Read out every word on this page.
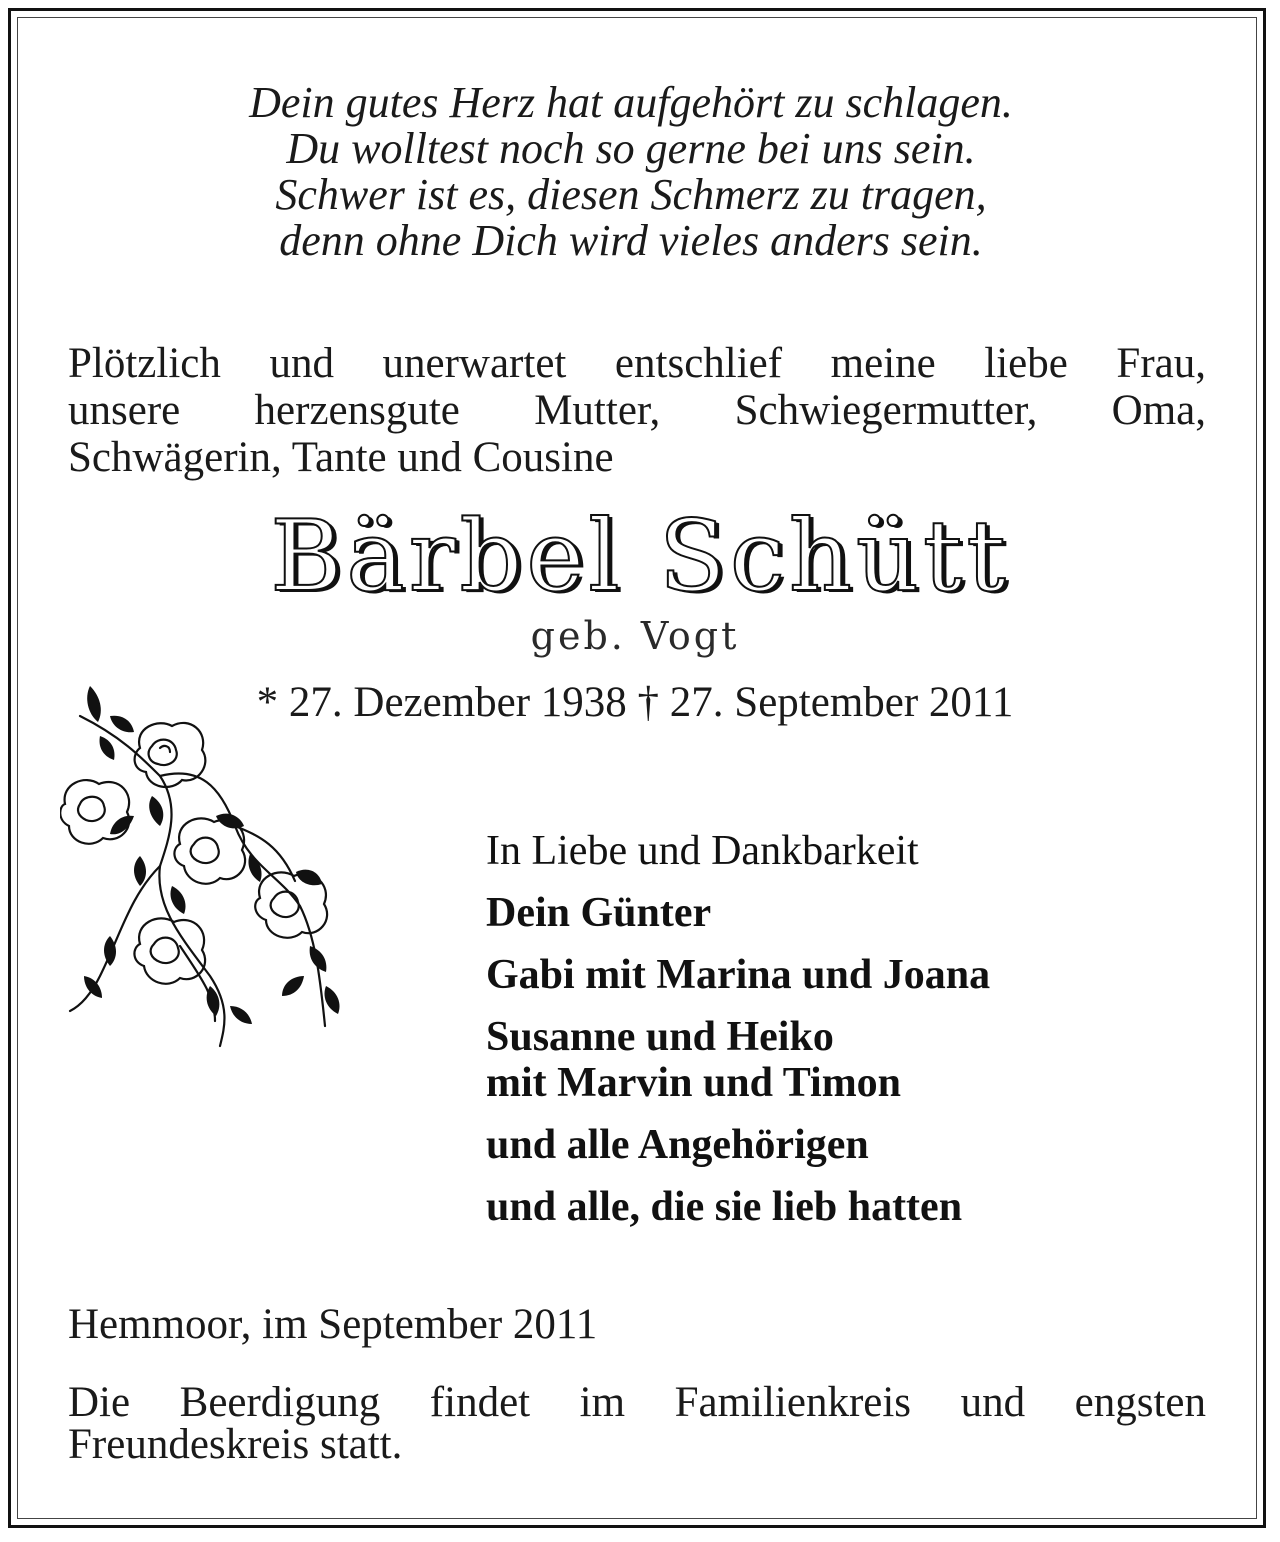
Dein gutes Herz hat aufgehört zu schlagen.
Du wolltest noch so gerne bei uns sein.
Schwer ist es, diesen Schmerz zu tragen,
denn ohne Dich wird vieles anders sein.
Plötzlich und unerwartet entschlief meine liebe Frau,
unsere herzensgute Mutter, Schwiegermutter, Oma,
Schwägerin, Tante und Cousine
Bärbel Schütt
geb. Vogt
* 27. Dezember 1938 † 27. September 2011
In Liebe und Dankbarkeit
Dein Günter
Gabi mit Marina und Joana
Susanne und Heiko
mit Marvin und Timon
und alle Angehörigen
und alle, die sie lieb hatten
Hemmoor, im September 2011
Die Beerdigung findet im Familienkreis und engsten
Freundeskreis statt.
